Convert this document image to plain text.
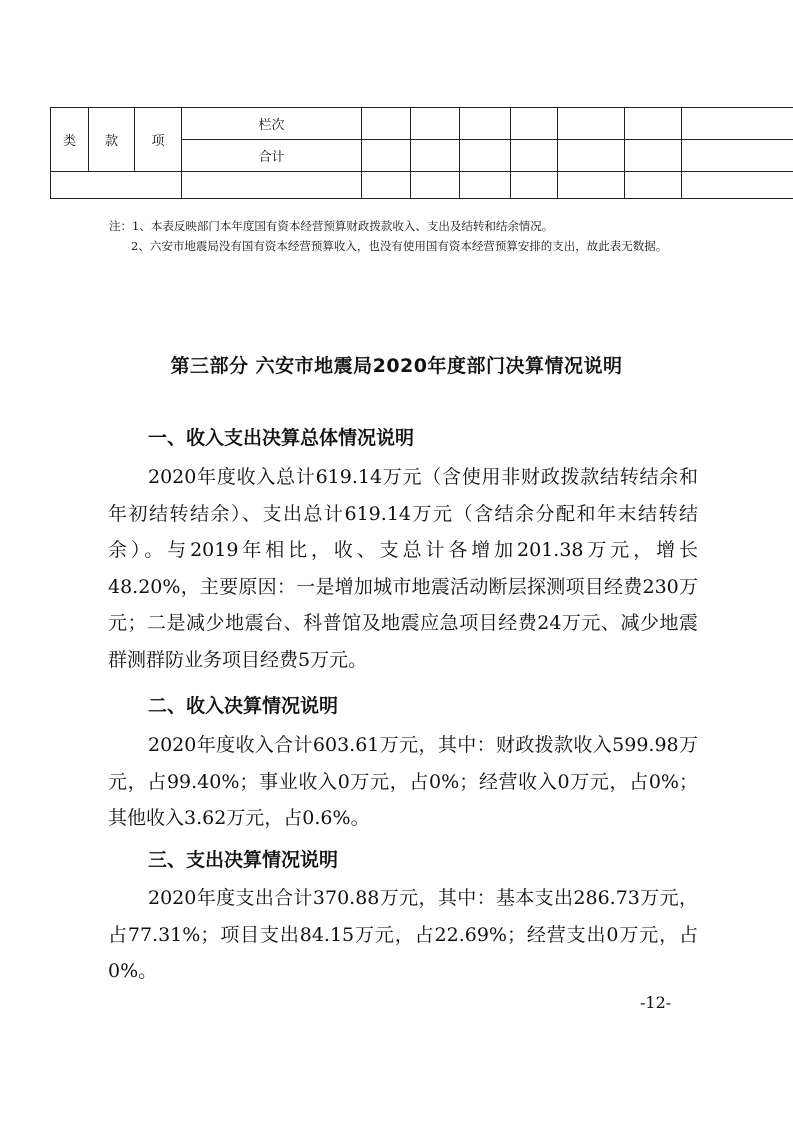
类	款	项	栏次							
			合计							

注：1、本表反映部门本年度国有资本经营预算财政拨款收入、支出及结转和结余情况。

2、六安市地震局没有国有资本经营预算收入，也没有使用国有资本经营预算安排的支出，故此表无数据。

第三部分 六安市地震局2020年度部门决算情况说明
一、收入支出决算总体情况说明

2020年度收入总计619.14万元（含使用非财政拨款结转结余和年初结转结余）、支出总计619.14万元（含结余分配和年末结转结余）。与2019年相比，收、支总计各增加201.38万元，增长48.20%，主要原因：一是增加城市地震活动断层探测项目经费230万元；二是减少地震台、科普馆及地震应急项目经费24万元、减少地震群测群防业务项目经费5万元。

二、收入决算情况说明

2020年度收入合计603.61万元，其中：财政拨款收入599.98万元，占99.40%；事业收入0万元，占0%；经营收入0万元，占0%；其他收入3.62万元，占0.6%。

三、支出决算情况说明

2020年度支出合计370.88万元，其中：基本支出286.73万元，占77.31%；项目支出84.15万元，占22.69%；经营支出0万元，占0%。

-12-
